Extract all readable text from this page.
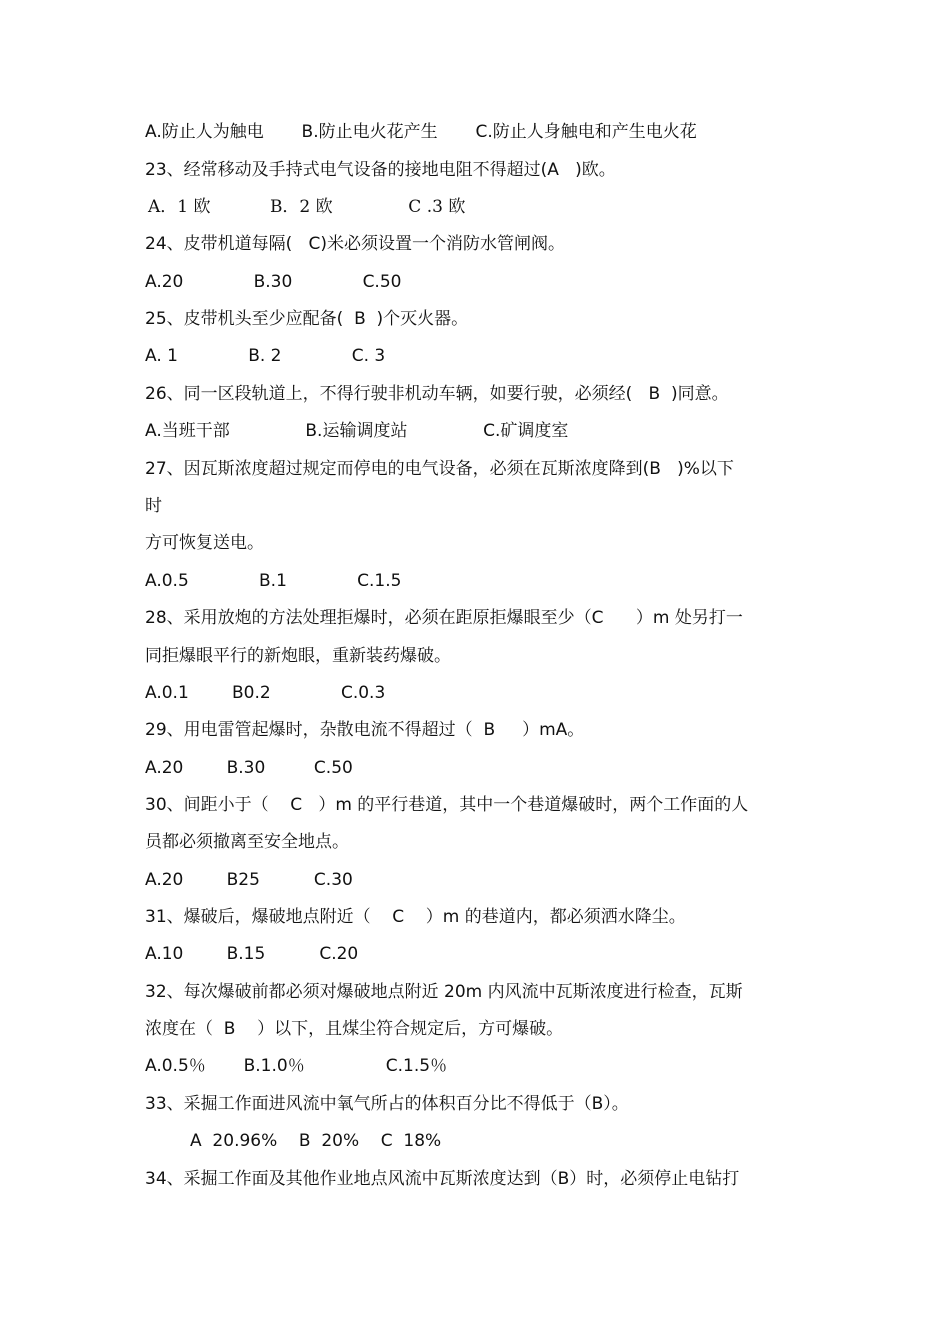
A.防止人为触电       B.防止电火花产生       C.防止人身触电和产生电火花
23、经常移动及手持式电气设备的接地电阻不得超过(A   )欧。
A．1 欧           B．2 欧              C .3 欧
24、皮带机道每隔(   C)米必须设置一个消防水管闸阀。
A.20             B.30             C.50
25、皮带机头至少应配备(  B  )个灭火器。
A. 1             B. 2             C. 3
26、同一区段轨道上，不得行驶非机动车辆，如要行驶，必须经(   B  )同意。
A.当班干部              B.运输调度站              C.矿调度室
27、因瓦斯浓度超过规定而停电的电气设备，必须在瓦斯浓度降到(B   )%以下
时
方可恢复送电。
A.0.5             B.1             C.1.5
28、采用放炮的方法处理拒爆时，必须在距原拒爆眼至少（C      ）m 处另打一
同拒爆眼平行的新炮眼，重新装药爆破。
A.0.1        B0.2             C.0.3
29、用电雷管起爆时，杂散电流不得超过（  B     ）mA。
A.20        B.30         C.50
30、间距小于（    C   ）m 的平行巷道，其中一个巷道爆破时，两个工作面的人
员都必须撤离至安全地点。
A.20        B25          C.30
31、爆破后，爆破地点附近（    C    ）m 的巷道内，都必须洒水降尘。
A.10        B.15          C.20
32、每次爆破前都必须对爆破地点附近 20m 内风流中瓦斯浓度进行检查，瓦斯
浓度在（  B    ）以下，且煤尘符合规定后，方可爆破。
A.0.5％       B.1.0％               C.1.5％
33、采掘工作面进风流中氧气所占的体积百分比不得低于（B）。
A  20.96%    B  20%    C  18%
34、采掘工作面及其他作业地点风流中瓦斯浓度达到（B）时，必须停止电钻打
